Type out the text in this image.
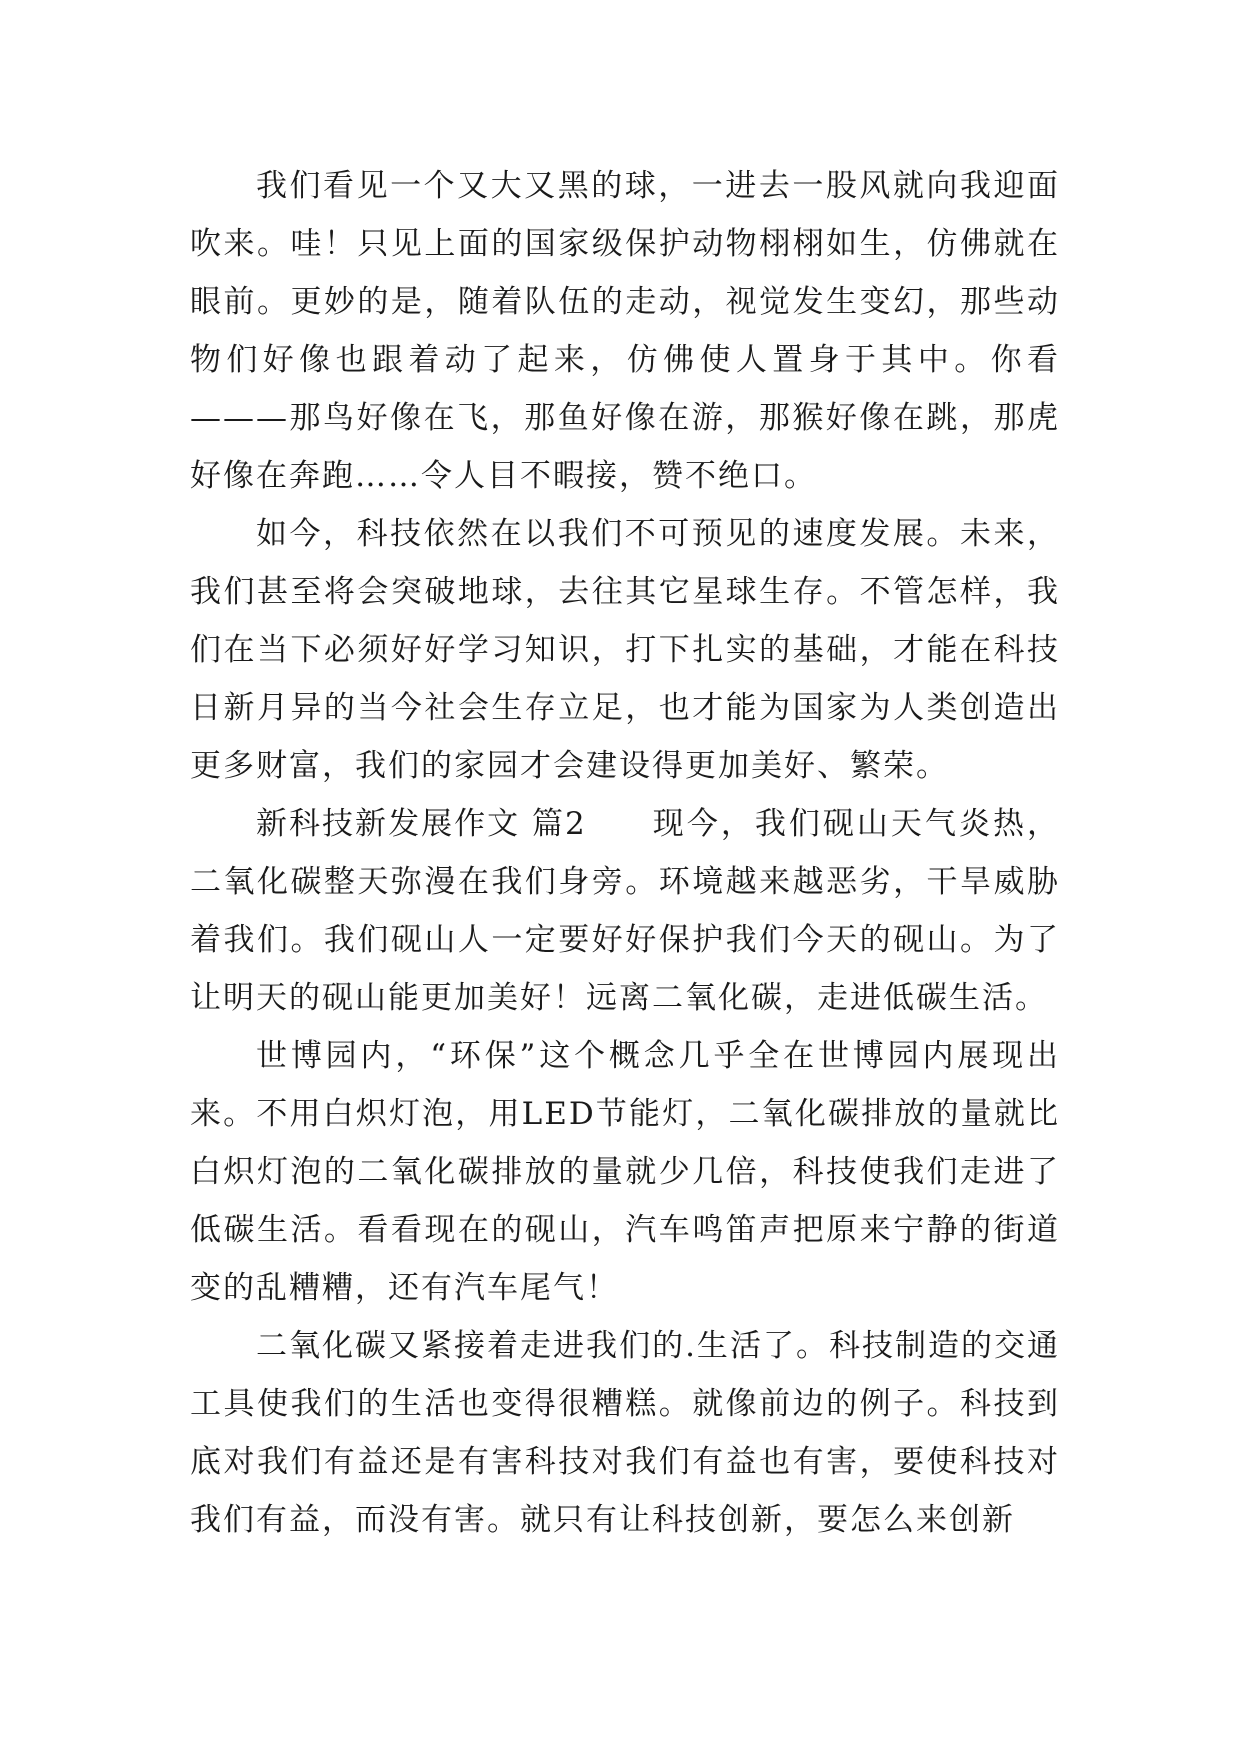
我们看见一个又大又黑的球，一进去一股风就向我迎面吹来。哇！只见上面的国家级保护动物栩栩如生，仿佛就在眼前。更妙的是，随着队伍的走动，视觉发生变幻，那些动物们好像也跟着动了起来，仿佛使人置身于其中。你看———那鸟好像在飞，那鱼好像在游，那猴好像在跳，那虎好像在奔跑……令人目不暇接，赞不绝口。

如今，科技依然在以我们不可预见的速度发展。未来，我们甚至将会突破地球，去往其它星球生存。不管怎样，我们在当下必须好好学习知识，打下扎实的基础，才能在科技日新月异的当今社会生存立足，也才能为国家为人类创造出更多财富，我们的家园才会建设得更加美好、繁荣。

新科技新发展作文 篇2 现今，我们砚山天气炎热，二氧化碳整天弥漫在我们身旁。环境越来越恶劣，干旱威胁着我们。我们砚山人一定要好好保护我们今天的砚山。为了让明天的砚山能更加美好！远离二氧化碳，走进低碳生活。

世博园内，“环保”这个概念几乎全在世博园内展现出来。不用白炽灯泡，用LED节能灯，二氧化碳排放的量就比白炽灯泡的二氧化碳排放的量就少几倍，科技使我们走进了低碳生活。看看现在的砚山，汽车鸣笛声把原来宁静的街道变的乱糟糟，还有汽车尾气！

二氧化碳又紧接着走进我们的.生活了。科技制造的交通工具使我们的生活也变得很糟糕。就像前边的例子。科技到底对我们有益还是有害科技对我们有益也有害，要使科技对我们有益，而没有害。就只有让科技创新，要怎么来创新
